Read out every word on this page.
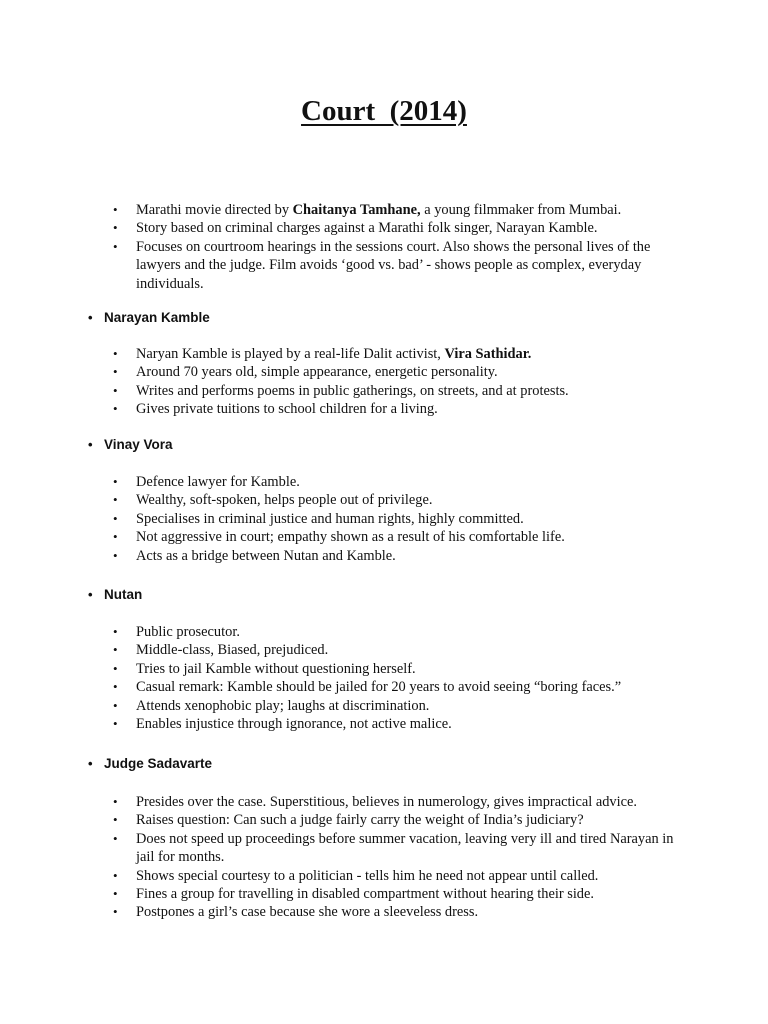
Court  (2014)
• Marathi movie directed by Chaitanya Tamhane, a young filmmaker from Mumbai.
• Story based on criminal charges against a Marathi folk singer, Narayan Kamble.
• Focuses on courtroom hearings in the sessions court. Also shows the personal lives of the lawyers and the judge. Film avoids ‘good vs. bad’ - shows people as complex, everyday individuals.
• Narayan Kamble
• Naryan Kamble is played by a real-life Dalit activist, Vira Sathidar.
• Around 70 years old, simple appearance, energetic personality.
• Writes and performs poems in public gatherings, on streets, and at protests.
• Gives private tuitions to school children for a living.
• Vinay Vora
• Defence lawyer for Kamble.
• Wealthy, soft-spoken, helps people out of privilege.
• Specialises in criminal justice and human rights, highly committed.
• Not aggressive in court; empathy shown as a result of his comfortable life.
• Acts as a bridge between Nutan and Kamble.
• Nutan
• Public prosecutor.
• Middle-class, Biased, prejudiced.
• Tries to jail Kamble without questioning herself.
• Casual remark: Kamble should be jailed for 20 years to avoid seeing “boring faces.”
• Attends xenophobic play; laughs at discrimination.
• Enables injustice through ignorance, not active malice.
• Judge Sadavarte
• Presides over the case. Superstitious, believes in numerology, gives impractical advice.
• Raises question: Can such a judge fairly carry the weight of India’s judiciary?
• Does not speed up proceedings before summer vacation, leaving very ill and tired Narayan in jail for months.
• Shows special courtesy to a politician - tells him he need not appear until called.
• Fines a group for travelling in disabled compartment without hearing their side.
• Postpones a girl’s case because she wore a sleeveless dress.
